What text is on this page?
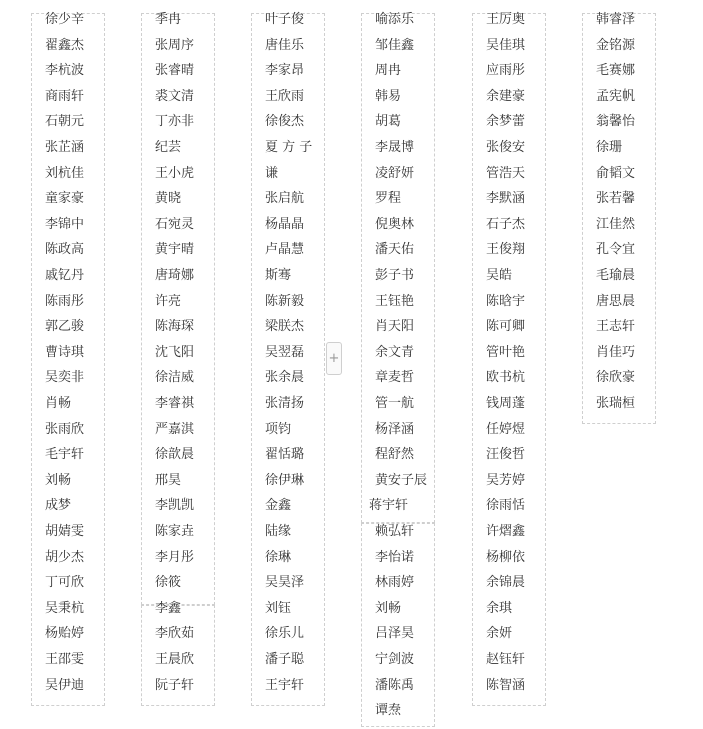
徐少辛
翟鑫杰
李杭波
商雨轩
石朝元
张芷涵
刘杭佳
童家豪
李锦中
陈政高
戚钇丹
陈雨彤
郭乙骏
曹诗琪
吴奕非
肖畅
张雨欣
毛宇轩
刘畅
成梦
胡婧雯
胡少杰
丁可欣
吴秉杭
杨贻婷
王邵雯
吴伊迪
季冉
张周序
张睿晴
裘文清
丁亦非
纪芸
王小虎
黄晓
石宛灵
黄宇晴
唐琦娜
许亮
陈海琛
沈飞阳
徐洁威
李睿祺
严嘉淇
徐歆晨
邢昊
李凯凯
陈家垚
李月彤
徐筱
李鑫
李欣茹
王晨欣
阮子轩
叶子俊
唐佳乐
李家昂
王欣雨
徐俊杰
夏 方 子
谦
张启航
杨晶晶
卢晶慧
斯骞
陈新毅
梁朕杰
吴翌磊
张余晨
张清扬
项钧
翟恬璐
徐伊琳
金鑫
陆缘
徐琳
吴昊泽
刘钰
徐乐儿
潘子聪
王宇轩
喻添乐
邹佳鑫
周冉
韩易
胡葛
李晟博
凌舒妍
罗程
倪奥林
潘天佑
彭子书
王钰艳
肖天阳
余文青
章麦哲
管一航
杨泽涵
程舒然
黄安子辰
蒋宇轩
赖弘轩
李怡诺
林雨婷
刘畅
吕泽昊
宁剑波
潘陈禹
谭焘
王厉奥
吴佳琪
应雨彤
余建豪
余梦蕾
张俊安
管浩天
李默涵
石子杰
王俊翔
吴皓
陈晗宇
陈可卿
管叶艳
欧书杭
钱周蓬
任婷煜
汪俊哲
吴芳婷
徐雨恬
许熠鑫
杨柳依
余锦晨
余琪
余妍
赵钰轩
陈智涵
韩睿泽
金铭源
毛赛娜
孟宪帆
翁馨怡
徐珊
俞韬文
张若馨
江佳然
孔令宜
毛瑜晨
唐思晨
王志轩
肖佳巧
徐欣豪
张瑞桓
+
